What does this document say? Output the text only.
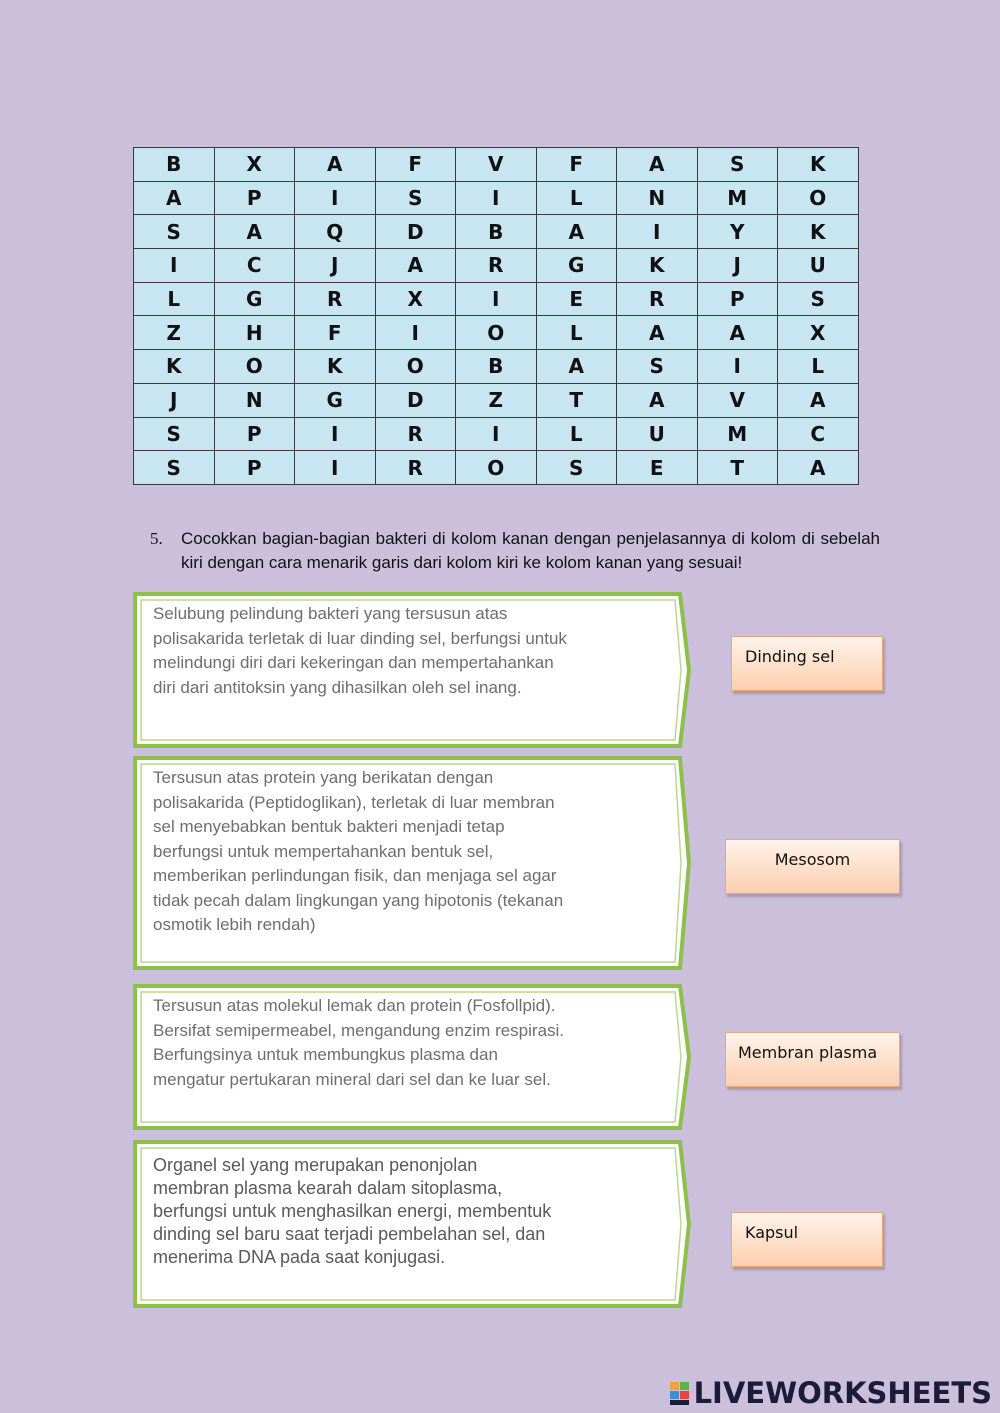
B	X	A	F	V	F	A	S	K
A	P	I	S	I	L	N	M	O
S	A	Q	D	B	A	I	Y	K
I	C	J	A	R	G	K	J	U
L	G	R	X	I	E	R	P	S
Z	H	F	I	O	L	A	A	X
K	O	K	O	B	A	S	I	L
J	N	G	D	Z	T	A	V	A
S	P	I	R	I	L	U	M	C
S	P	I	R	O	S	E	T	A
5. Cocokkan bagian-bagian bakteri di kolom kanan dengan penjelasannya di kolom di sebelah kiri dengan cara menarik garis dari kolom kiri ke kolom kanan yang sesuai!
Selubung pelindung bakteri yang tersusun atas
polisakarida terletak di luar dinding sel, berfungsi untuk
melindungi diri dari kekeringan dan mempertahankan
diri dari antitoksin yang dihasilkan oleh sel inang.
Tersusun atas protein yang berikatan dengan
polisakarida (Peptidoglikan), terletak di luar membran
sel menyebabkan bentuk bakteri menjadi tetap
berfungsi untuk mempertahankan bentuk sel,
memberikan perlindungan fisik, dan menjaga sel agar
tidak pecah dalam lingkungan yang hipotonis (tekanan
osmotik lebih rendah)
Tersusun atas molekul lemak dan protein (Fosfollpid).
Bersifat semipermeabel, mengandung enzim respirasi.
Berfungsinya untuk membungkus plasma dan
mengatur pertukaran mineral dari sel dan ke luar sel.
Organel sel yang merupakan penonjolan
membran plasma kearah dalam sitoplasma,
berfungsi untuk menghasilkan energi, membentuk
dinding sel baru saat terjadi pembelahan sel, dan
menerima DNA pada saat konjugasi.
Dinding sel
Mesosom
Membran plasma
Kapsul
LIVEWORKSHEETS
